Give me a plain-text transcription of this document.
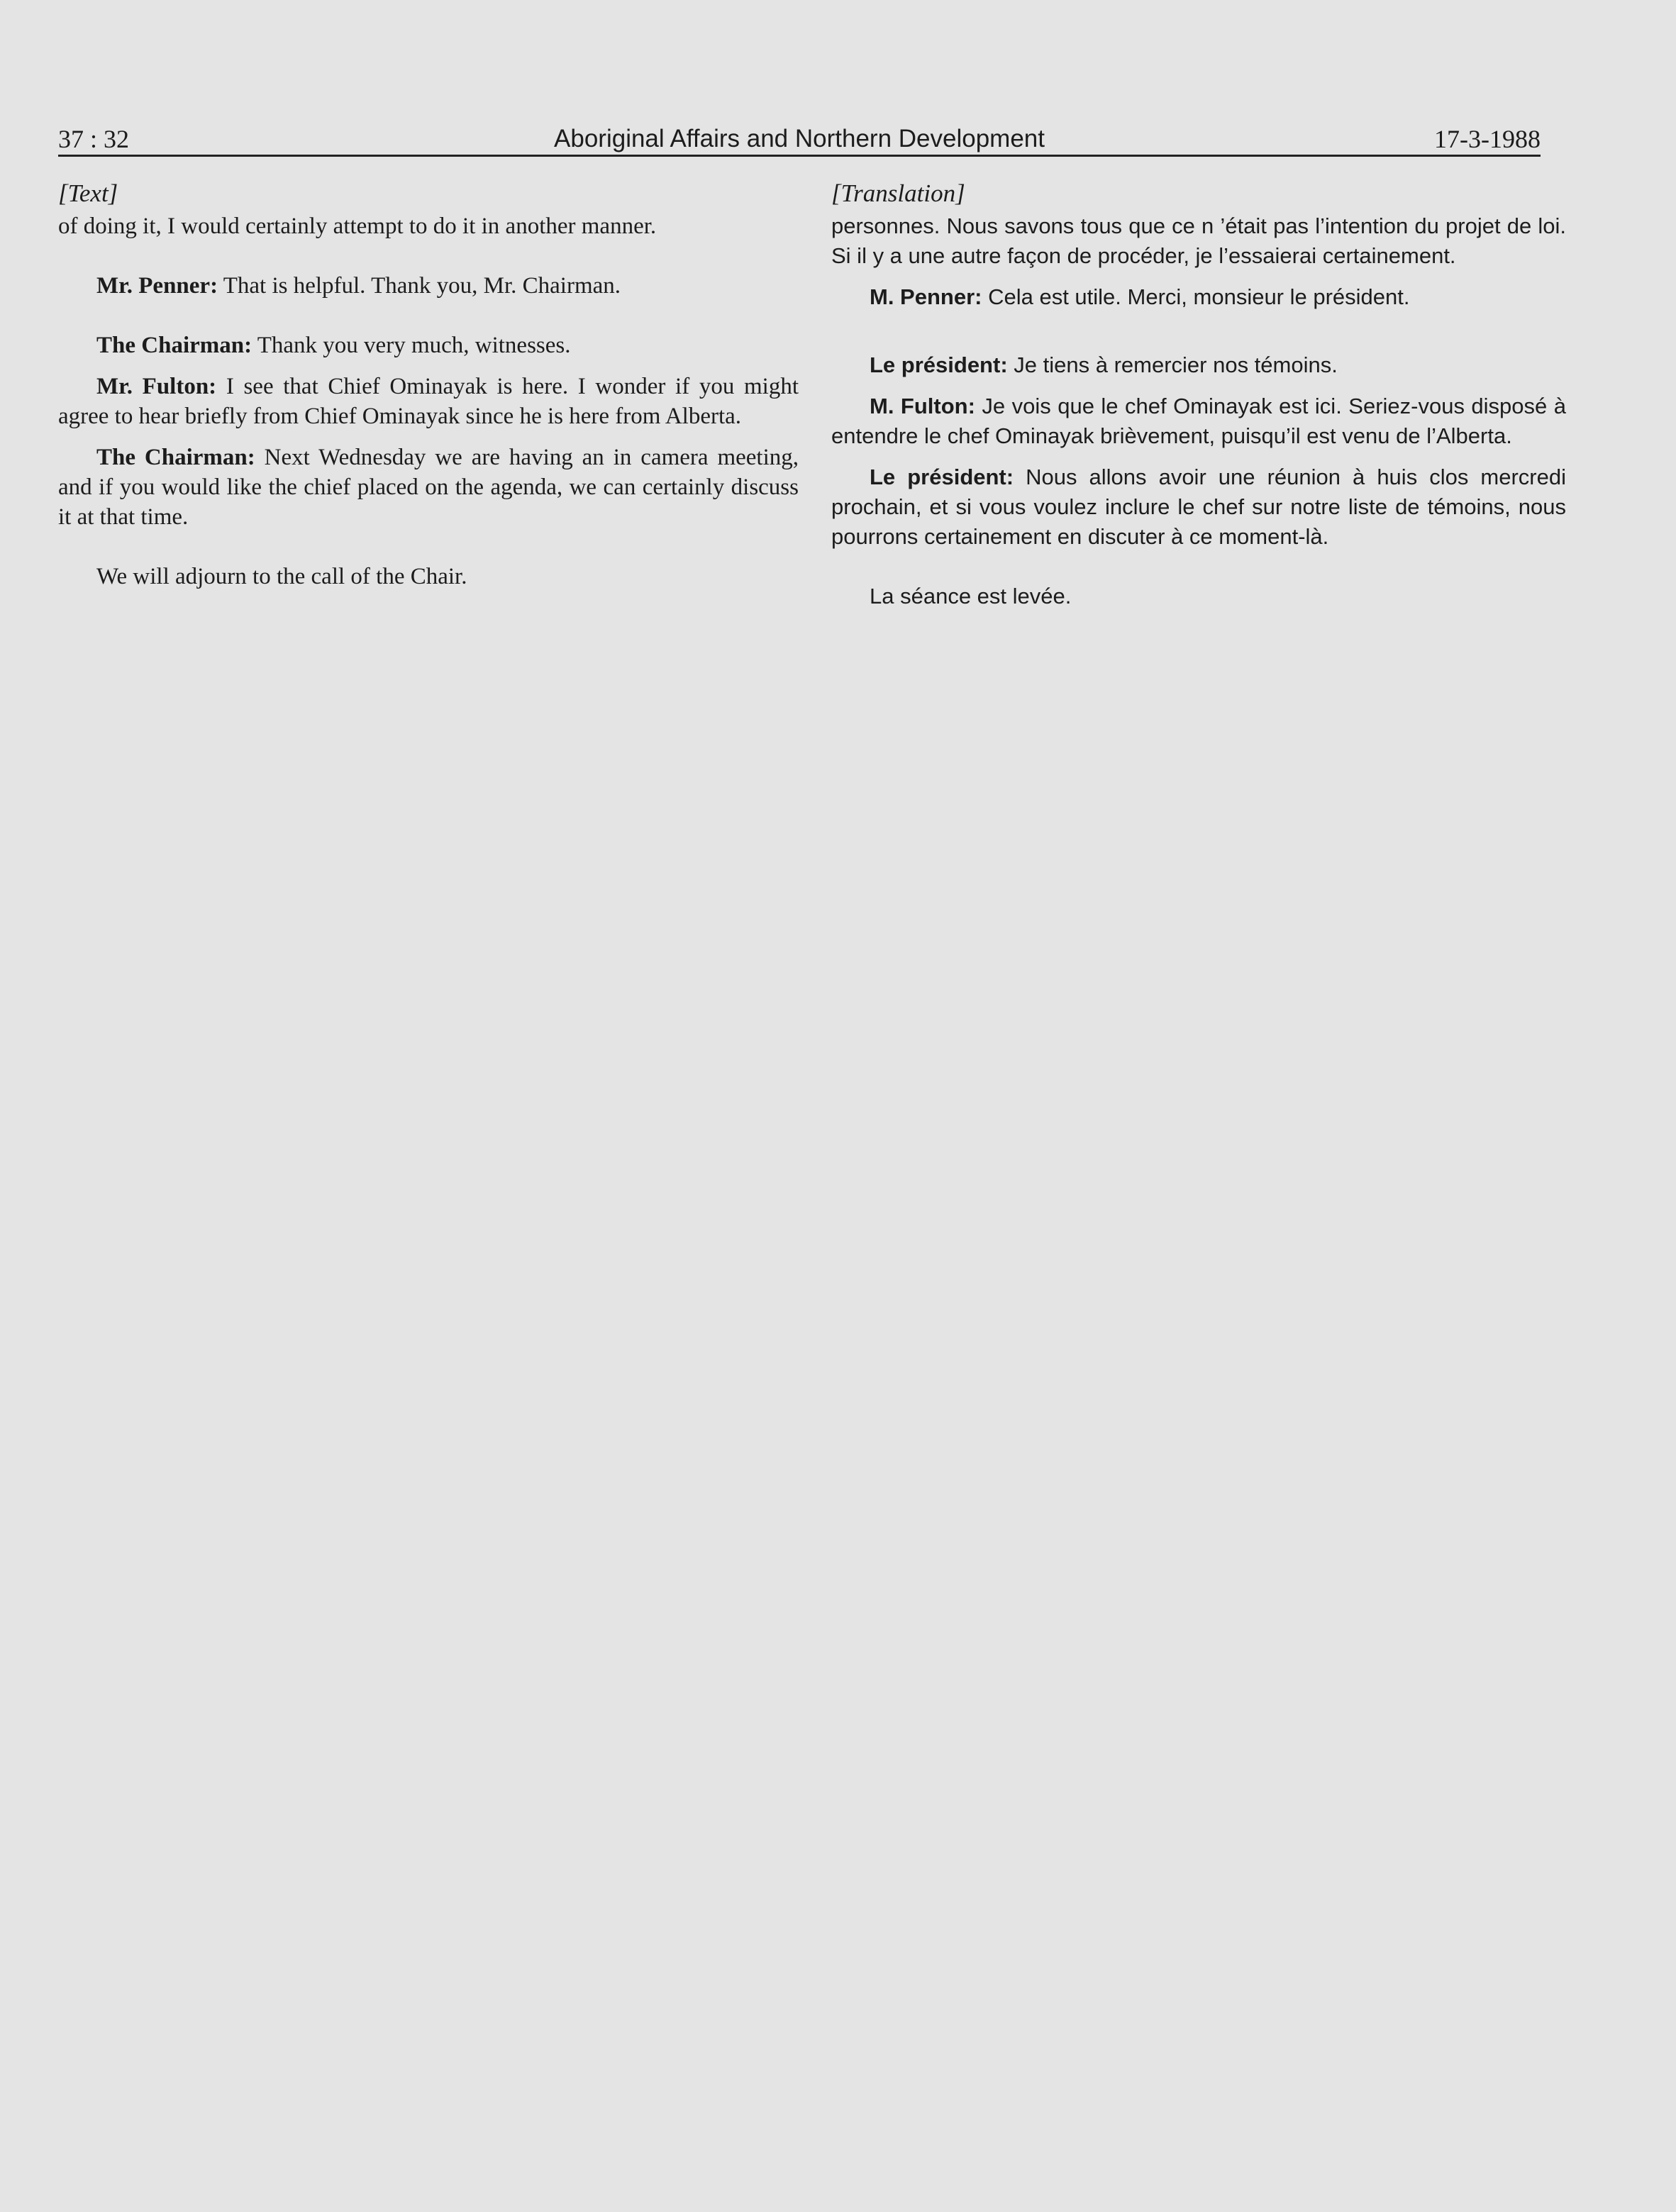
37 : 32	Aboriginal Affairs and Northern Development	17-3-1988
[Text]

of doing it, I would certainly attempt to do it in another manner.

Mr. Penner: That is helpful. Thank you, Mr. Chairman.

The Chairman: Thank you very much, witnesses.

Mr. Fulton: I see that Chief Ominayak is here. I wonder if you might agree to hear briefly from Chief Ominayak since he is here from Alberta.

The Chairman: Next Wednesday we are having an in camera meeting, and if you would like the chief placed on the agenda, we can certainly discuss it at that time.

We will adjourn to the call of the Chair.

[Translation]

personnes. Nous savons tous que ce n ’était pas l’intention du projet de loi. Si il y a une autre façon de procéder, je l’essaierai certainement.

M. Penner: Cela est utile. Merci, monsieur le président.

Le président: Je tiens à remercier nos témoins.

M. Fulton: Je vois que le chef Ominayak est ici. Seriez-vous disposé à entendre le chef Ominayak brièvement, puisqu’il est venu de l’Alberta.

Le président: Nous allons avoir une réunion à huis clos mercredi prochain, et si vous voulez inclure le chef sur notre liste de témoins, nous pourrons certainement en discuter à ce moment-là.

La séance est levée.
